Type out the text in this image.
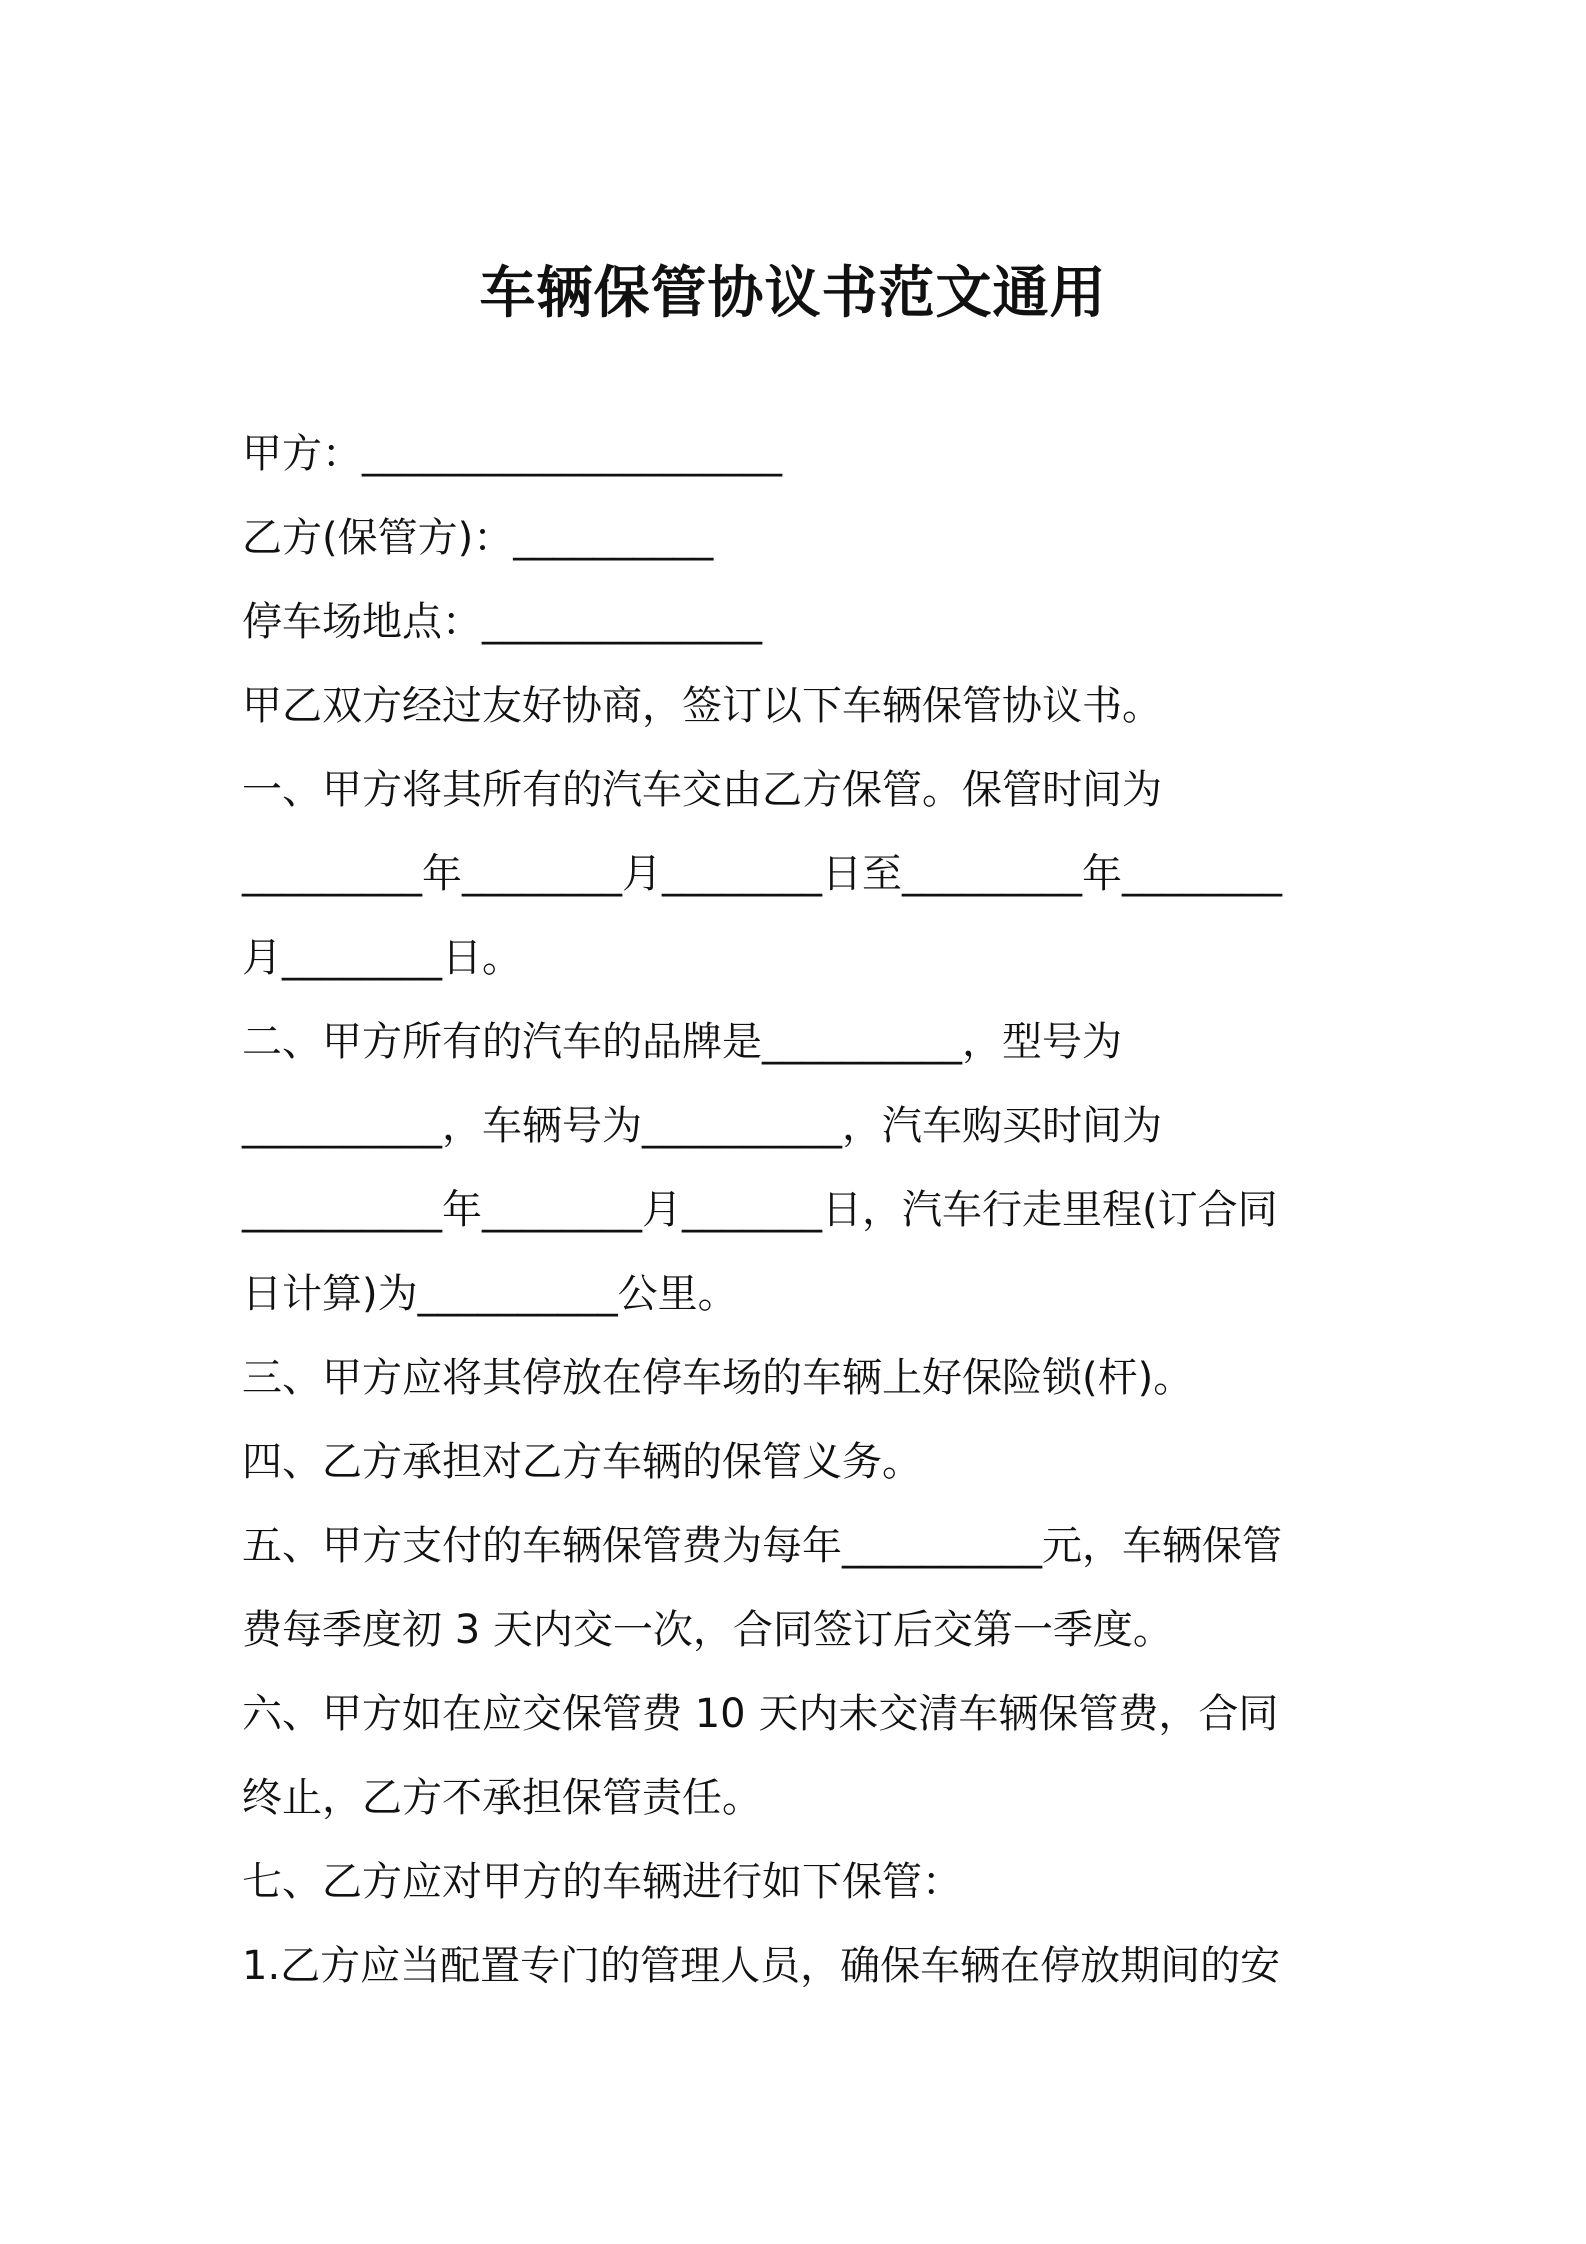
车辆保管协议书范文通用
甲方：_____________________
乙方(保管方)：__________
停车场地点：______________
甲乙双方经过友好协商，签订以下车辆保管协议书。
一、甲方将其所有的汽车交由乙方保管。保管时间为
_________年________月________日至_________年________
月________日。
二、甲方所有的汽车的品牌是__________，型号为
__________，车辆号为__________，汽车购买时间为
__________年________月_______日，汽车行走里程(订合同
日计算)为__________公里。
三、甲方应将其停放在停车场的车辆上好保险锁(杆)。
四、乙方承担对乙方车辆的保管义务。
五、甲方支付的车辆保管费为每年__________元，车辆保管
费每季度初 3 天内交一次，合同签订后交第一季度。
六、甲方如在应交保管费 10 天内未交清车辆保管费，合同
终止，乙方不承担保管责任。
七、乙方应对甲方的车辆进行如下保管：
1.乙方应当配置专门的管理人员，确保车辆在停放期间的安
